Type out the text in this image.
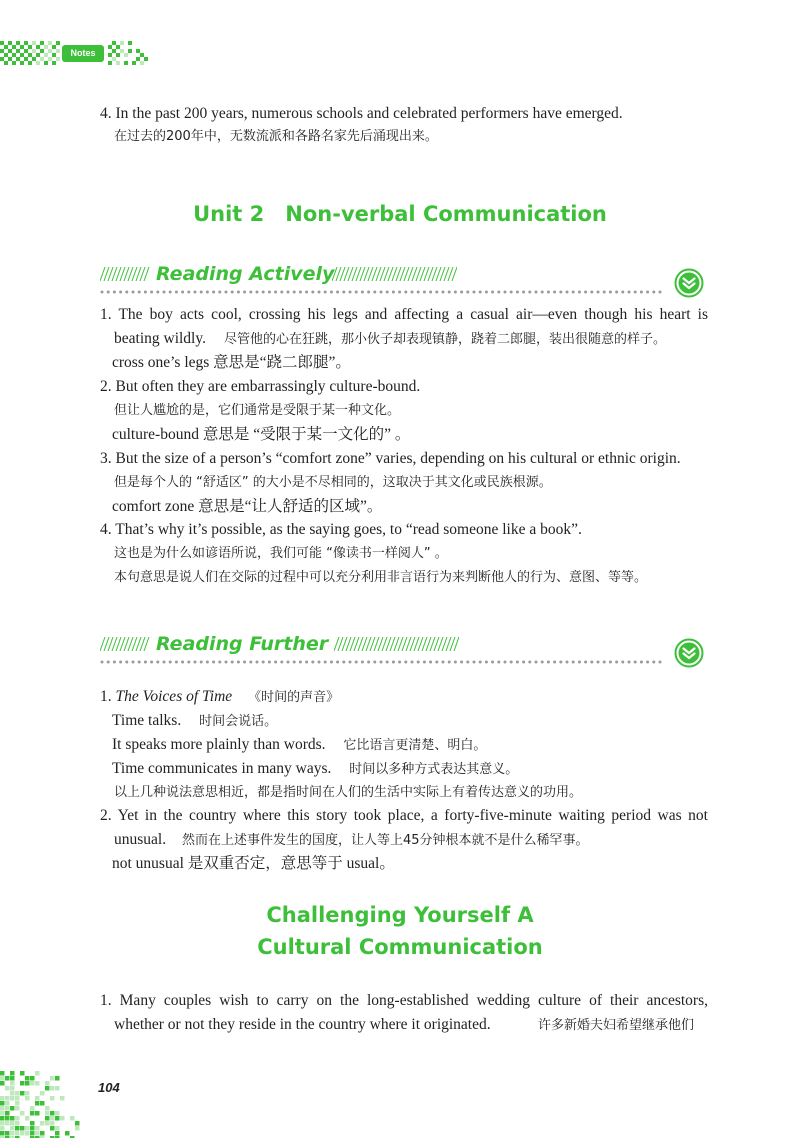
Notes
4. In the past 200 years, numerous schools and celebrated performers have emerged.
在过去的200年中，无数流派和各路名家先后涌现出来。
Unit 2　Non-verbal Communication
Reading Actively
1. The boy acts cool, crossing his legs and affecting a casual air—even though his heart is
beating wildly. 尽管他的心在狂跳，那小伙子却表现镇静，跷着二郎腿，装出很随意的样子。
cross one’s legs 意思是“跷二郎腿”。
2. But often they are embarrassingly culture-bound.
但让人尴尬的是，它们通常是受限于某一种文化。
culture-bound 意思是 “受限于某一文化的” 。
3. But the size of a person’s “comfort zone” varies, depending on his cultural or ethnic origin.
但是每个人的 “舒适区” 的大小是不尽相同的，这取决于其文化或民族根源。
comfort zone 意思是“让人舒适的区域”。
4. That’s why it’s possible, as the saying goes, to “read someone like a book”.
这也是为什么如谚语所说，我们可能 “像读书一样阅人” 。
本句意思是说人们在交际的过程中可以充分利用非言语行为来判断他人的行为、意图、等等。
Reading Further
1. The Voices of Time 《时间的声音》
Time talks. 时间会说话。
It speaks more plainly than words. 它比语言更清楚、明白。
Time communicates in many ways. 时间以多种方式表达其意义。
以上几种说法意思相近，都是指时间在人们的生活中实际上有着传达意义的功用。
2. Yet in the country where this story took place, a forty-five-minute waiting period was not
unusual. 然而在上述事件发生的国度，让人等上45分钟根本就不是什么稀罕事。
not unusual 是双重否定，意思等于 usual。
Challenging Yourself A
Cultural Communication
1. Many couples wish to carry on the long-established wedding culture of their ancestors,
whether or not they reside in the country where it originated.	许多新婚夫妇希望继承他们
104
